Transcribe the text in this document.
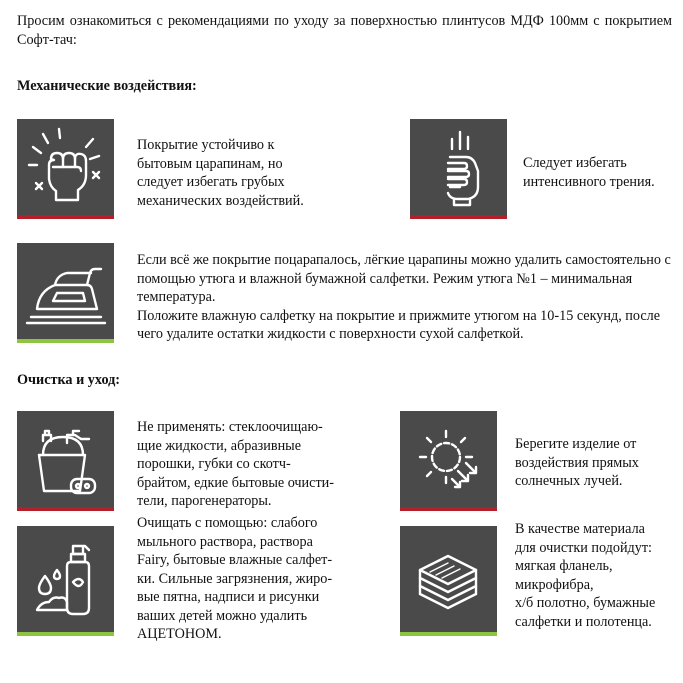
Просим ознакомиться с рекомендациями по уходу за поверхностью плинтусов МДФ 100мм с покрытием Софт-тач:
Механические воздействия:
Покрытие устойчиво к
бытовым царапинам, но
следует избегать грубых
механических воздействий.
Следует избегать
интенсивного трения.
Если всё же покрытие поцарапалось, лёгкие царапины можно удалить самостоятельно с помощью утюга и влажной бумажной салфетки. Режим утюга №1 – минимальная температура.
Положите влажную салфетку на покрытие и прижмите утюгом на 10-15 секунд, после чего удалите остатки жидкости с поверхности сухой салфеткой.
Очистка и уход:
Не применять: стеклоочищаю-
щие жидкости, абразивные
порошки, губки со скотч-
брайтом, едкие бытовые очисти-
тели, парогенераторы.
Берегите изделие от
воздействия прямых
солнечных лучей.
Очищать с помощью: слабого
мыльного раствора, раствора
Fairy, бытовые влажные салфет-
ки. Сильные загрязнения, жиро-
вые пятна, надписи и рисунки
ваших детей можно удалить
АЦЕТОНОМ.
В качестве материала
для очистки подойдут:
мягкая фланель,
микрофибра,
х/б полотно, бумажные
салфетки и полотенца.
